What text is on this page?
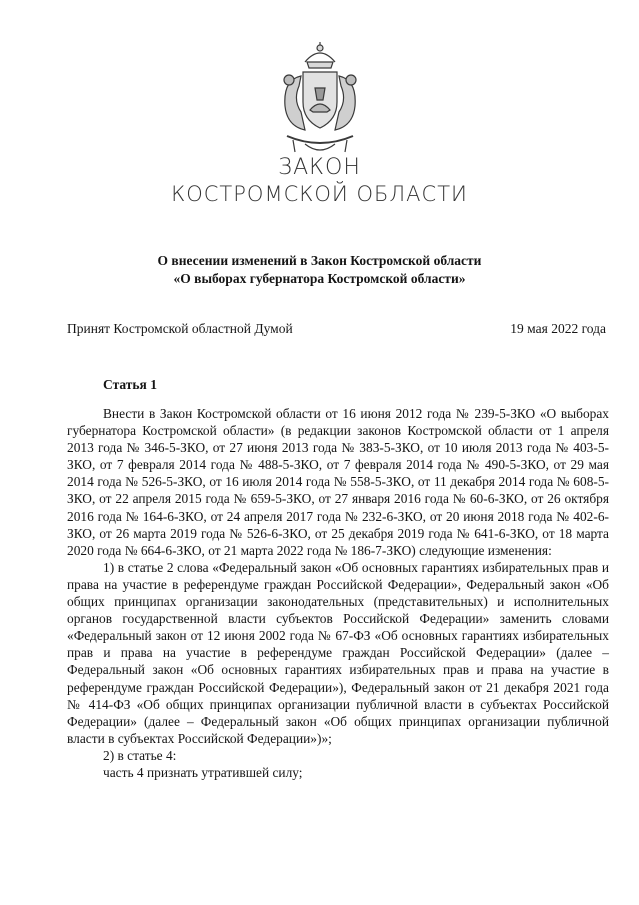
ЗАКОН
КОСТРОМСКОЙ ОБЛАСТИ
О внесении изменений в Закон Костромской области
«О выборах губернатора Костромской области»
Принят Костромской областной Думой	19 мая 2022 года
Статья 1

Внести в Закон Костромской области от 16 июня 2012 года № 239-5-ЗКО «О выборах губернатора Костромской области» (в редакции законов Костромской области от 1 апреля 2013 года № 346-5-ЗКО, от 27 июня 2013 года № 383-5-ЗКО, от 10 июля 2013 года № 403-5-ЗКО, от 7 февраля 2014 года № 488-5-ЗКО, от 7 февраля 2014 года № 490-5-ЗКО, от 29 мая 2014 года № 526-5-ЗКО, от 16 июля 2014 года № 558-5-ЗКО, от 11 декабря 2014 года № 608-5-ЗКО, от 22 апреля 2015 года № 659-5-ЗКО, от 27 января 2016 года № 60-6-ЗКО, от 26 октября 2016 года № 164-6-ЗКО, от 24 апреля 2017 года № 232-6-ЗКО, от 20 июня 2018 года № 402-6-ЗКО, от 26 марта 2019 года № 526-6-ЗКО, от 25 декабря 2019 года № 641-6-ЗКО, от 18 марта 2020 года № 664-6-ЗКО, от 21 марта 2022 года № 186-7-ЗКО) следующие изменения:

1) в статье 2 слова «Федеральный закон «Об основных гарантиях избирательных прав и права на участие в референдуме граждан Российской Федерации», Федеральный закон «Об общих принципах организации законодательных (представительных) и исполнительных органов государственной власти субъектов Российской Федерации» заменить словами «Федеральный закон от 12 июня 2002 года № 67-ФЗ «Об основных гарантиях избирательных прав и права на участие в референдуме граждан Российской Федерации» (далее – Федеральный закон «Об основных гарантиях избирательных прав и права на участие в референдуме граждан Российской Федерации»), Федеральный закон от 21 декабря 2021 года № 414-ФЗ «Об общих принципах организации публичной власти в субъектах Российской Федерации» (далее – Федеральный закон «Об общих принципах организации публичной власти в субъектах Российской Федерации»)»;

2) в статье 4:

часть 4 признать утратившей силу;
